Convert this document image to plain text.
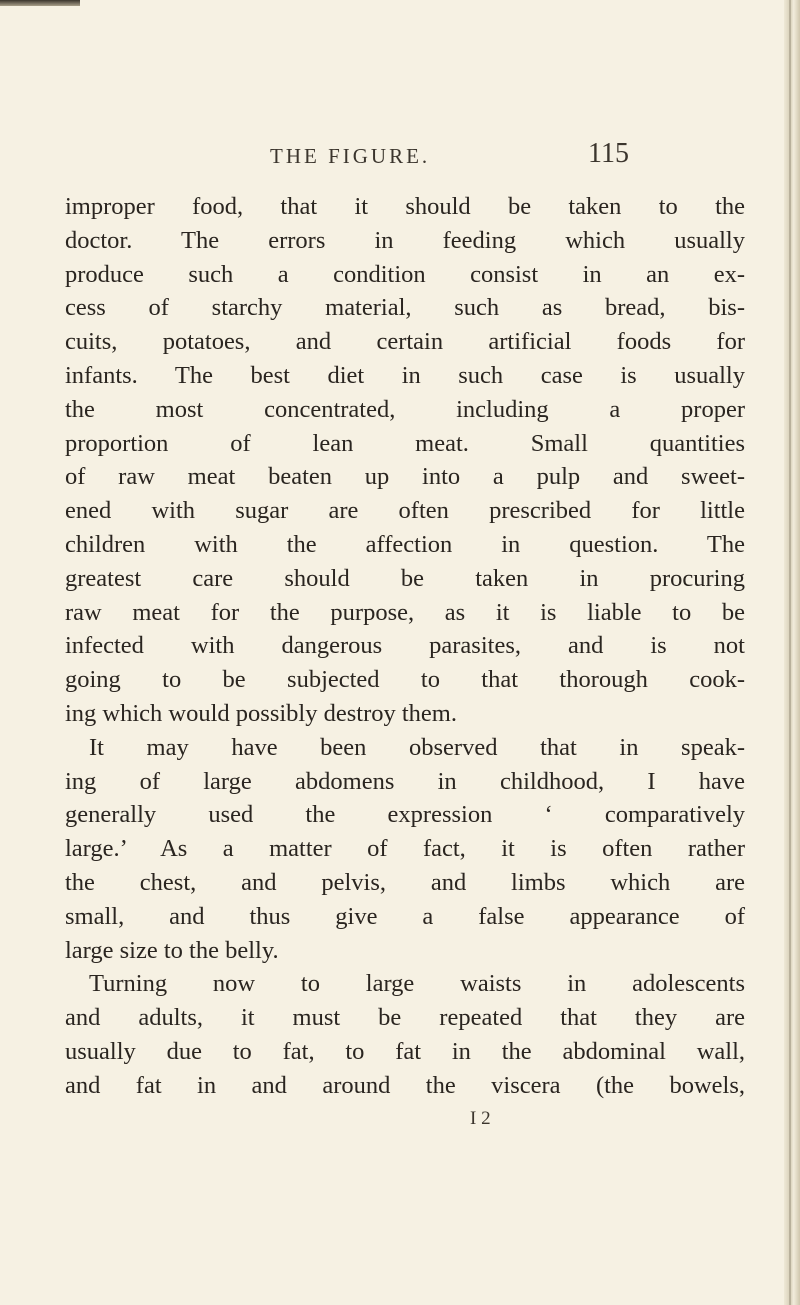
THE FIGURE.	115
improper food, that it should be taken to the
doctor. The errors in feeding which usually
produce such a condition consist in an ex-
cess of starchy material, such as bread, bis-
cuits, potatoes, and certain artificial foods for
infants. The best diet in such case is usually
the most concentrated, including a proper
proportion of lean meat. Small quantities
of raw meat beaten up into a pulp and sweet-
ened with sugar are often prescribed for little
children with the affection in question. The
greatest care should be taken in procuring
raw meat for the purpose, as it is liable to be
infected with dangerous parasites, and is not
going to be subjected to that thorough cook-
ing which would possibly destroy them.
It may have been observed that in speak-
ing of large abdomens in childhood, I have
generally used the expression ‘ comparatively
large.’ As a matter of fact, it is often rather
the chest, and pelvis, and limbs which are
small, and thus give a false appearance of
large size to the belly.
Turning now to large waists in adolescents
and adults, it must be repeated that they are
usually due to fat, to fat in the abdominal wall,
and fat in and around the viscera (the bowels,
I 2
